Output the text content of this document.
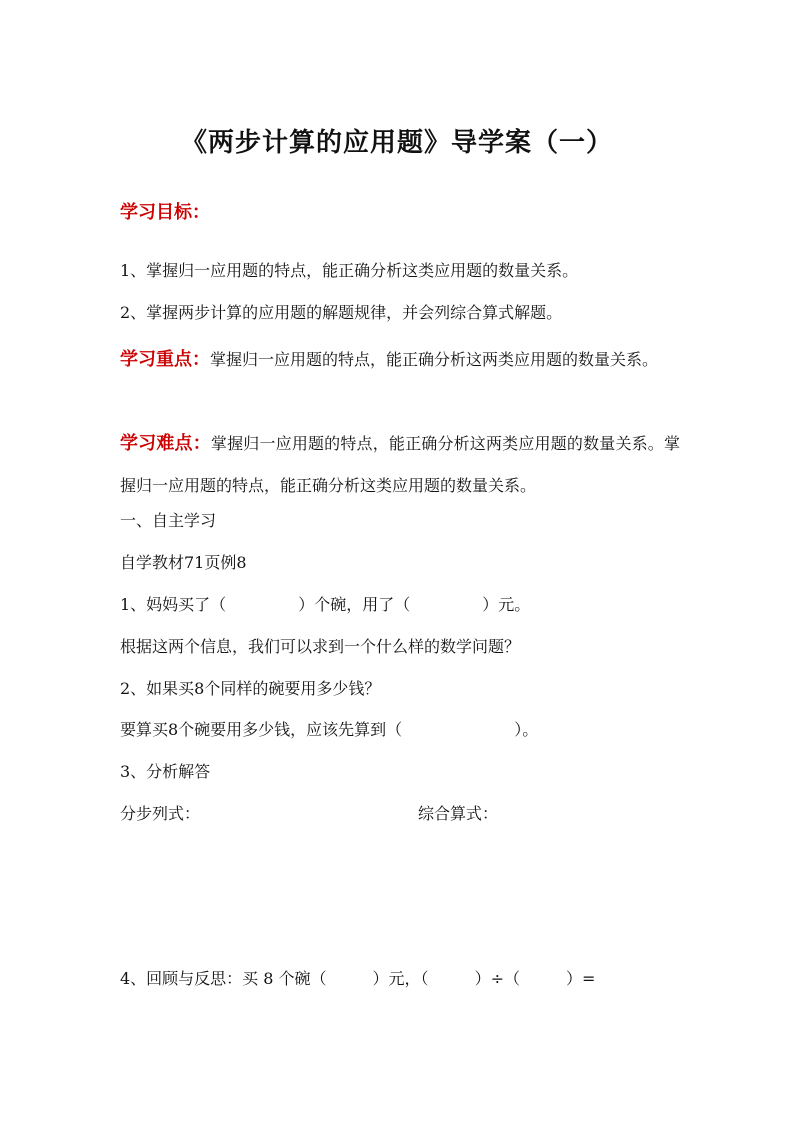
《两步计算的应用题》导学案（一）
学习目标：
1、掌握归一应用题的特点，能正确分析这类应用题的数量关系。
2、掌握两步计算的应用题的解题规律，并会列综合算式解题。
学习重点：掌握归一应用题的特点，能正确分析这两类应用题的数量关系。
学习难点：掌握归一应用题的特点，能正确分析这两类应用题的数量关系。掌握归一应用题的特点，能正确分析这类应用题的数量关系。
一、自主学习
自学教材71页例8
1、妈妈买了（	）个碗，用了（	）元。
根据这两个信息，我们可以求到一个什么样的数学问题？
2、如果买8个同样的碗要用多少钱？
要算买8个碗要用多少钱，应该先算到（	）。
3、分析解答
分步列式：	综合算式：
4、回顾与反思：买 8 个碗（	）元，（	）÷（	）=
